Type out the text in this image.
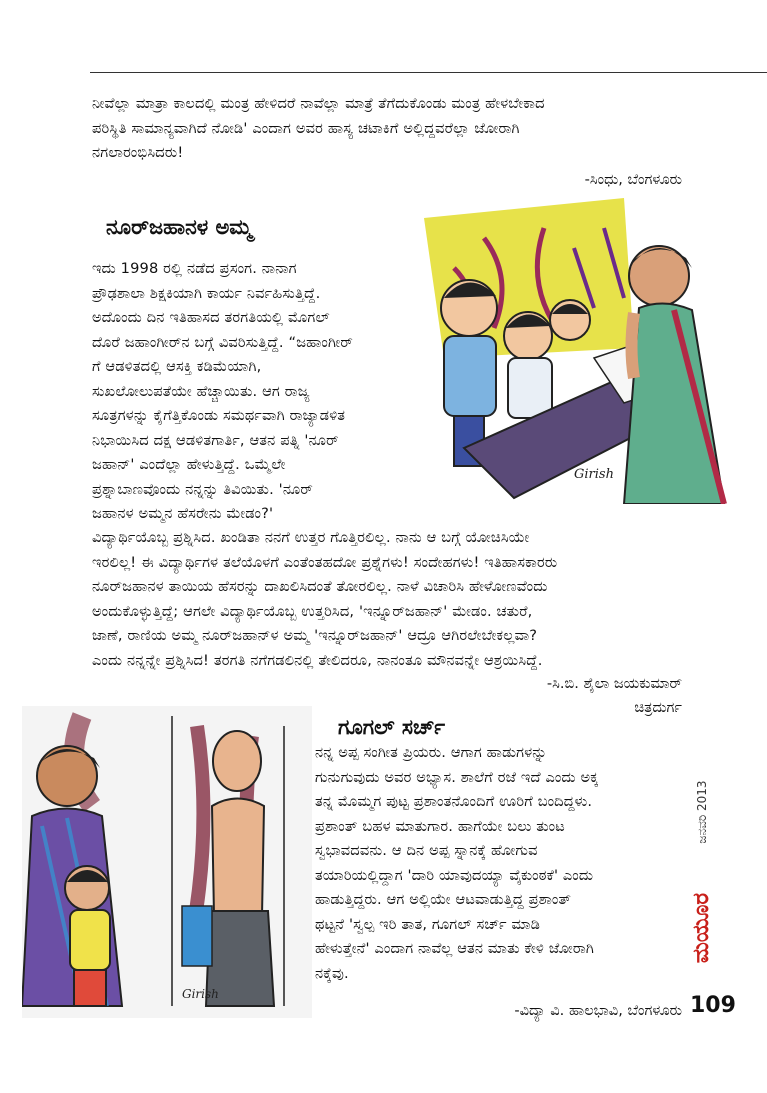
ನೀವೆಲ್ಲಾ ಮಾತ್ರಾ ಕಾಲದಲ್ಲಿ ಮಂತ್ರ ಹೇಳಿದರೆ ನಾವೆಲ್ಲಾ ಮಾತ್ರೆ ತೆಗೆದುಕೊಂಡು ಮಂತ್ರ ಹೇಳಬೇಕಾದ
ಪರಿಸ್ಥಿತಿ ಸಾಮಾನ್ಯವಾಗಿದೆ ನೋಡಿ' ಎಂದಾಗ ಅವರ ಹಾಸ್ಯ ಚಟಾಕಿಗೆ ಅಲ್ಲಿದ್ದವರೆಲ್ಲಾ ಜೋರಾಗಿ
ನಗಲಾರಂಭಿಸಿದರು!

-ಸಿಂಧು, ಬೆಂಗಳೂರು
ನೂರ್‌ಜಹಾನಳ ಅಮ್ಮ
Girish

ಇದು 1998 ರಲ್ಲಿ ನಡೆದ ಪ್ರಸಂಗ. ನಾನಾಗ
ಪ್ರೌಢಶಾಲಾ ಶಿಕ್ಷಕಿಯಾಗಿ ಕಾರ್ಯ ನಿರ್ವಹಿಸುತ್ತಿದ್ದೆ.
ಅದೊಂದು ದಿನ ಇತಿಹಾಸದ ತರಗತಿಯಲ್ಲಿ ಮೊಗಲ್
ದೊರೆ ಜಹಾಂಗೀರ್‌ನ ಬಗ್ಗೆ ವಿವರಿಸುತ್ತಿದ್ದೆ. “ಜಹಾಂಗೀರ್
ಗೆ ಆಡಳಿತದಲ್ಲಿ ಆಸಕ್ತಿ ಕಡಿಮೆಯಾಗಿ,
ಸುಖಲೋಲುಪತೆಯೇ ಹೆಚ್ಚಾಯಿತು. ಆಗ ರಾಜ್ಯ
ಸೂತ್ರಗಳನ್ನು ಕೈಗೆತ್ತಿಕೊಂಡು ಸಮರ್ಥವಾಗಿ ರಾಜ್ಯಾಡಳಿತ
ನಿಭಾಯಿಸಿದ ದಕ್ಷ ಆಡಳಿತಗಾರ್ತಿ, ಆತನ ಪತ್ನಿ 'ನೂರ್
ಜಹಾನ್' ಎಂದೆಲ್ಲಾ ಹೇಳುತ್ತಿದ್ದೆ. ಒಮ್ಮೆಲೇ
ಪ್ರಶ್ನಾಬಾಣವೊಂದು ನನ್ನನ್ನು ತಿವಿಯಿತು. 'ನೂರ್
ಜಹಾನಳ ಅಮ್ಮನ ಹೆಸರೇನು ಮೇಡಂ?'

ವಿದ್ಯಾರ್ಥಿಯೊಬ್ಬ ಪ್ರಶ್ನಿಸಿದ. ಖಂಡಿತಾ ನನಗೆ ಉತ್ತರ ಗೊತ್ತಿರಲಿಲ್ಲ. ನಾನು ಆ ಬಗ್ಗೆ ಯೋಚಿಸಿಯೇ
ಇರಲಿಲ್ಲ! ಈ ವಿದ್ಯಾರ್ಥಿಗಳ ತಲೆಯೊಳಗೆ ಎಂತೆಂತಹದೋ ಪ್ರಶ್ನೆಗಳು! ಸಂದೇಹಗಳು! ಇತಿಹಾಸಕಾರರು
ನೂರ್‌ಜಹಾನಳ ತಾಯಿಯ ಹೆಸರನ್ನು ದಾಖಲಿಸಿದಂತೆ ತೋರಲಿಲ್ಲ. ನಾಳೆ ವಿಚಾರಿಸಿ ಹೇಳೋಣವೆಂದು
ಅಂದುಕೊಳ್ಳುತ್ತಿದ್ದೆ; ಆಗಲೇ ವಿದ್ಯಾರ್ಥಿಯೊಬ್ಬ ಉತ್ತರಿಸಿದ, 'ಇನ್ನೂರ್‌ಜಹಾನ್' ಮೇಡಂ. ಚತುರೆ,
ಜಾಣೆ, ರಾಣಿಯ ಅಮ್ಮ ನೂರ್‌ಜಹಾನ್‌ಳ ಅಮ್ಮ 'ಇನ್ನೂರ್‌ಜಹಾನ್' ಆದ್ರೂ ಆಗಿರಲೇಬೇಕಲ್ಲವಾ?
ಎಂದು ನನ್ನನ್ನೇ ಪ್ರಶ್ನಿಸಿದ! ತರಗತಿ ನಗೆಗಡಲಿನಲ್ಲಿ ತೇಲಿದರೂ, ನಾನಂತೂ ಮೌನವನ್ನೇ ಆಶ್ರಯಿಸಿದ್ದೆ.

-ಸಿ.ಬಿ. ಶೈಲಾ ಜಯಕುಮಾರ್
ಚಿತ್ರದುರ್ಗ
Girish
ಗೂಗಲ್ ಸರ್ಚ್

ನನ್ನ ಅಪ್ಪ ಸಂಗೀತ ಪ್ರಿಯರು. ಆಗಾಗ ಹಾಡುಗಳನ್ನು
ಗುನುಗುವುದು ಅವರ ಅಭ್ಯಾಸ. ಶಾಲೆಗೆ ರಜೆ ಇದೆ ಎಂದು ಅಕ್ಕ
ತನ್ನ ಮೊಮ್ಮಗ ಪುಟ್ಟ ಪ್ರಶಾಂತನೊಂದಿಗೆ ಊರಿಗೆ ಬಂದಿದ್ದಳು.
ಪ್ರಶಾಂತ್ ಬಹಳ ಮಾತುಗಾರ. ಹಾಗೆಯೇ ಬಲು ತುಂಟ
ಸ್ವಭಾವದವನು. ಆ ದಿನ ಅಪ್ಪ ಸ್ನಾನಕ್ಕೆ ಹೋಗುವ
ತಯಾರಿಯಲ್ಲಿದ್ದಾಗ 'ದಾರಿ ಯಾವುದಯ್ಯಾ ವೈಕುಂಠಕೆ' ಎಂದು
ಹಾಡುತ್ತಿದ್ದರು. ಆಗ ಅಲ್ಲಿಯೇ ಆಟವಾಡುತ್ತಿದ್ದ ಪ್ರಶಾಂತ್
ಥಟ್ಟನೆ 'ಸ್ವಲ್ಪ ಇರಿ ತಾತ, ಗೂಗಲ್ ಸರ್ಚ್ ಮಾಡಿ
ಹೇಳುತ್ತೇನೆ' ಎಂದಾಗ ನಾವೆಲ್ಲ ಆತನ ಮಾತು ಕೇಳಿ ಜೋರಾಗಿ
ನಕ್ಕೆವು.

-ವಿದ್ಯಾ ವಿ. ಹಾಲಭಾವಿ, ಬೆಂಗಳೂರು
ಜನವರಿ 2013
ಮಯೂರ
109
